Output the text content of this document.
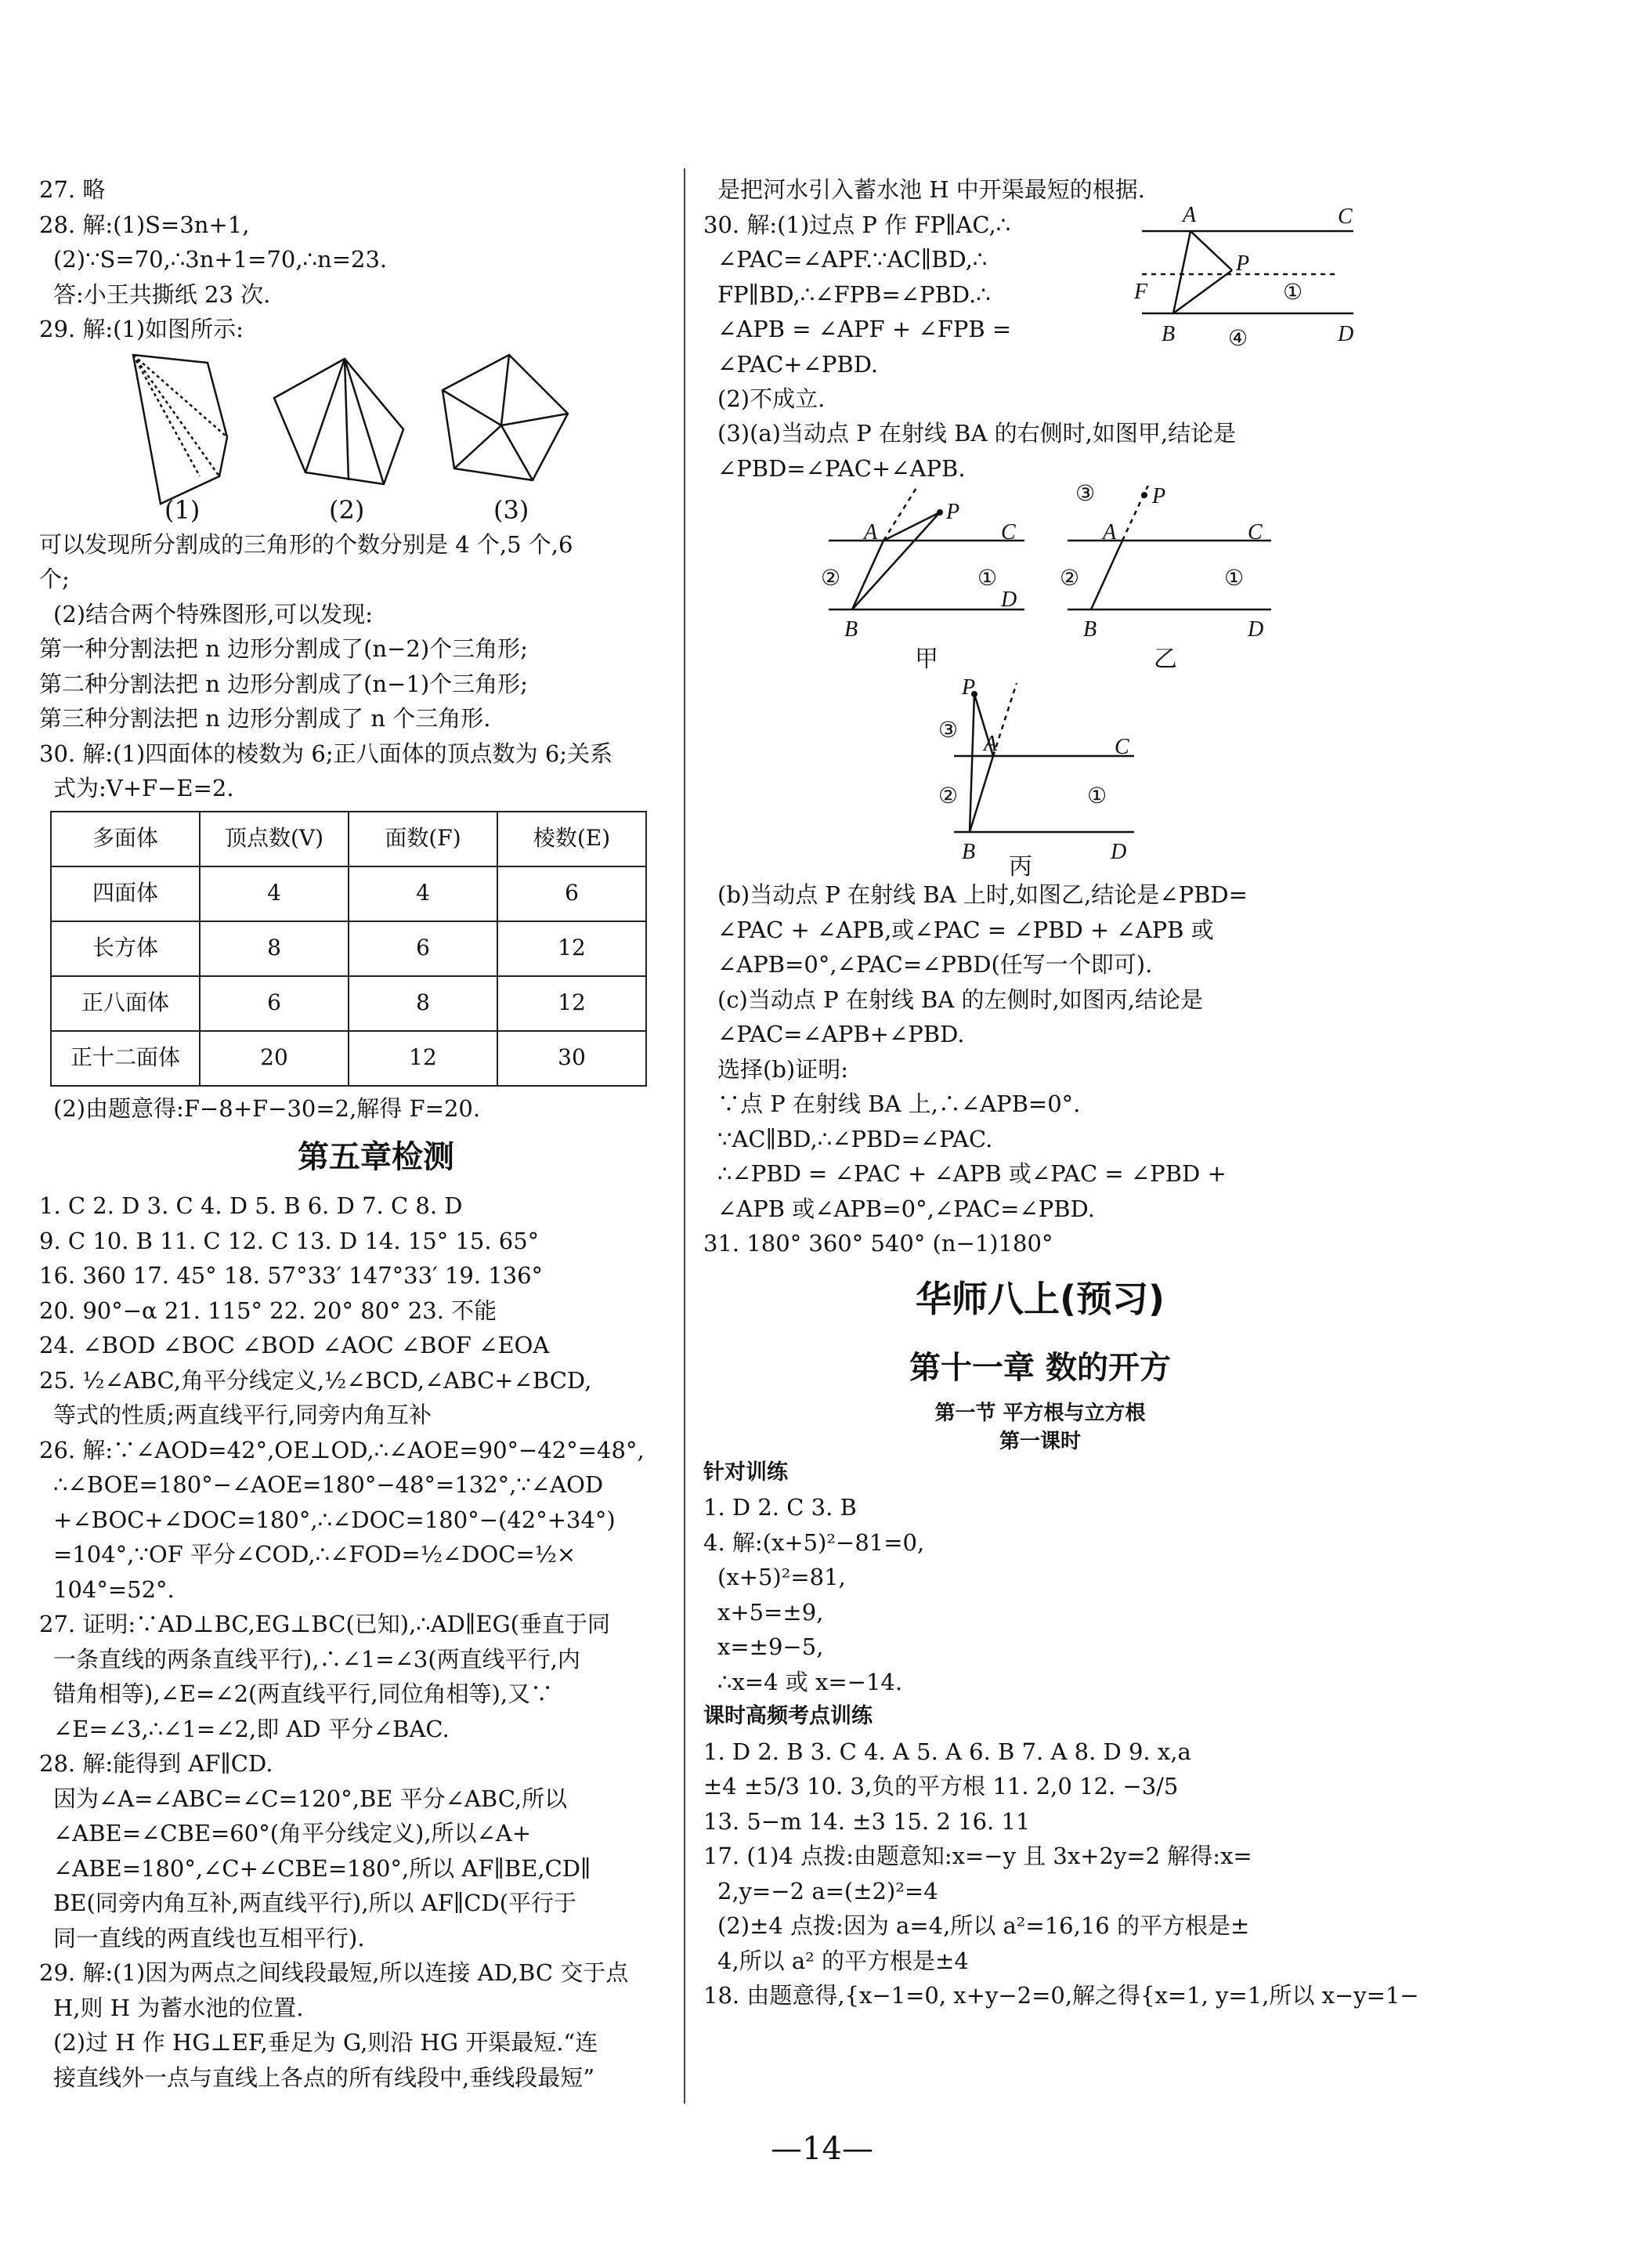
27. 略
28. 解:(1)S=3n+1,
(2)∵S=70,∴3n+1=70,∴n=23.
答:小王共撕纸 23 次.
29. 解:(1)如图所示:
(1)	(2)	(3)
可以发现所分割成的三角形的个数分别是 4 个,5 个,6
个;
(2)结合两个特殊图形,可以发现:
第一种分割法把 n 边形分割成了(n−2)个三角形;
第二种分割法把 n 边形分割成了(n−1)个三角形;
第三种分割法把 n 边形分割成了 n 个三角形.
30. 解:(1)四面体的棱数为 6;正八面体的顶点数为 6;关系
式为:V+F−E=2.
多面体	顶点数(V)	面数(F)	棱数(E)
四面体	4	4	6
长方体	8	6	12
正八面体	6	8	12
正十二面体	20	12	30
(2)由题意得:F−8+F−30=2,解得 F=20.
第五章检测
1. C 2. D 3. C 4. D 5. B 6. D 7. C 8. D
9. C 10. B 11. C 12. C 13. D 14. 15° 15. 65°
16. 360 17. 45° 18. 57°33′ 147°33′ 19. 136°
20. 90°−α 21. 115° 22. 20° 80° 23. 不能
24. ∠BOD ∠BOC ∠BOD ∠AOC ∠BOF ∠EOA
25. ½∠ABC,角平分线定义,½∠BCD,∠ABC+∠BCD,
等式的性质;两直线平行,同旁内角互补
26. 解:∵∠AOD=42°,OE⊥OD,∴∠AOE=90°−42°=48°,
∴∠BOE=180°−∠AOE=180°−48°=132°,∵∠AOD
+∠BOC+∠DOC=180°,∴∠DOC=180°−(42°+34°)
=104°,∵OF 平分∠COD,∴∠FOD=½∠DOC=½×
104°=52°.
27. 证明:∵AD⊥BC,EG⊥BC(已知),∴AD∥EG(垂直于同
一条直线的两条直线平行),∴∠1=∠3(两直线平行,内
错角相等),∠E=∠2(两直线平行,同位角相等),又∵
∠E=∠3,∴∠1=∠2,即 AD 平分∠BAC.
28. 解:能得到 AF∥CD.
因为∠A=∠ABC=∠C=120°,BE 平分∠ABC,所以
∠ABE=∠CBE=60°(角平分线定义),所以∠A+
∠ABE=180°,∠C+∠CBE=180°,所以 AF∥BE,CD∥
BE(同旁内角互补,两直线平行),所以 AF∥CD(平行于
同一直线的两直线也互相平行).
29. 解:(1)因为两点之间线段最短,所以连接 AD,BC 交于点
H,则 H 为蓄水池的位置.
(2)过 H 作 HG⊥EF,垂足为 G,则沿 HG 开渠最短.“连
接直线外一点与直线上各点的所有线段中,垂线段最短”
是把河水引入蓄水池 H 中开渠最短的根据.
30. 解:(1)过点 P 作 FP∥AC,∴
∠PAC=∠APF.∵AC∥BD,∴
FP∥BD,∴∠FPB=∠PBD.∴
∠APB = ∠APF + ∠FPB =
∠PAC+∠PBD.
A	C
P
F	①
B ④	D
(2)不成立.
(3)(a)当动点 P 在射线 BA 的右侧时,如图甲,结论是
∠PBD=∠PAC+∠APB.
P
A	C
②	①
D
B
甲
③	P
A	C
②	①
B	D
乙
P
③
A	C
②	①
B	D
丙
(b)当动点 P 在射线 BA 上时,如图乙,结论是∠PBD=
∠PAC + ∠APB,或∠PAC = ∠PBD + ∠APB 或
∠APB=0°,∠PAC=∠PBD(任写一个即可).
(c)当动点 P 在射线 BA 的左侧时,如图丙,结论是
∠PAC=∠APB+∠PBD.
选择(b)证明:
∵点 P 在射线 BA 上,∴∠APB=0°.
∵AC∥BD,∴∠PBD=∠PAC.
∴∠PBD = ∠PAC + ∠APB 或∠PAC = ∠PBD +
∠APB 或∠APB=0°,∠PAC=∠PBD.
31. 180° 360° 540° (n−1)180°
华师八上(预习)
第十一章 数的开方
第一节 平方根与立方根
第一课时
针对训练
1. D 2. C 3. B
4. 解:(x+5)²−81=0,
(x+5)²=81,
x+5=±9,
x=±9−5,
∴x=4 或 x=−14.
课时高频考点训练
1. D 2. B 3. C 4. A 5. A 6. B 7. A 8. D 9. x,a
±4 ±5/3 10. 3,负的平方根 11. 2,0 12. −3/5
13. 5−m 14. ±3 15. 2 16. 11
17. (1)4 点拨:由题意知:x=−y 且 3x+2y=2 解得:x=
2,y=−2 a=(±2)²=4
(2)±4 点拨:因为 a=4,所以 a²=16,16 的平方根是±
4,所以 a² 的平方根是±4
18. 由题意得,{x−1=0, x+y−2=0,解之得{x=1, y=1,所以 x−y=1−
—14—
